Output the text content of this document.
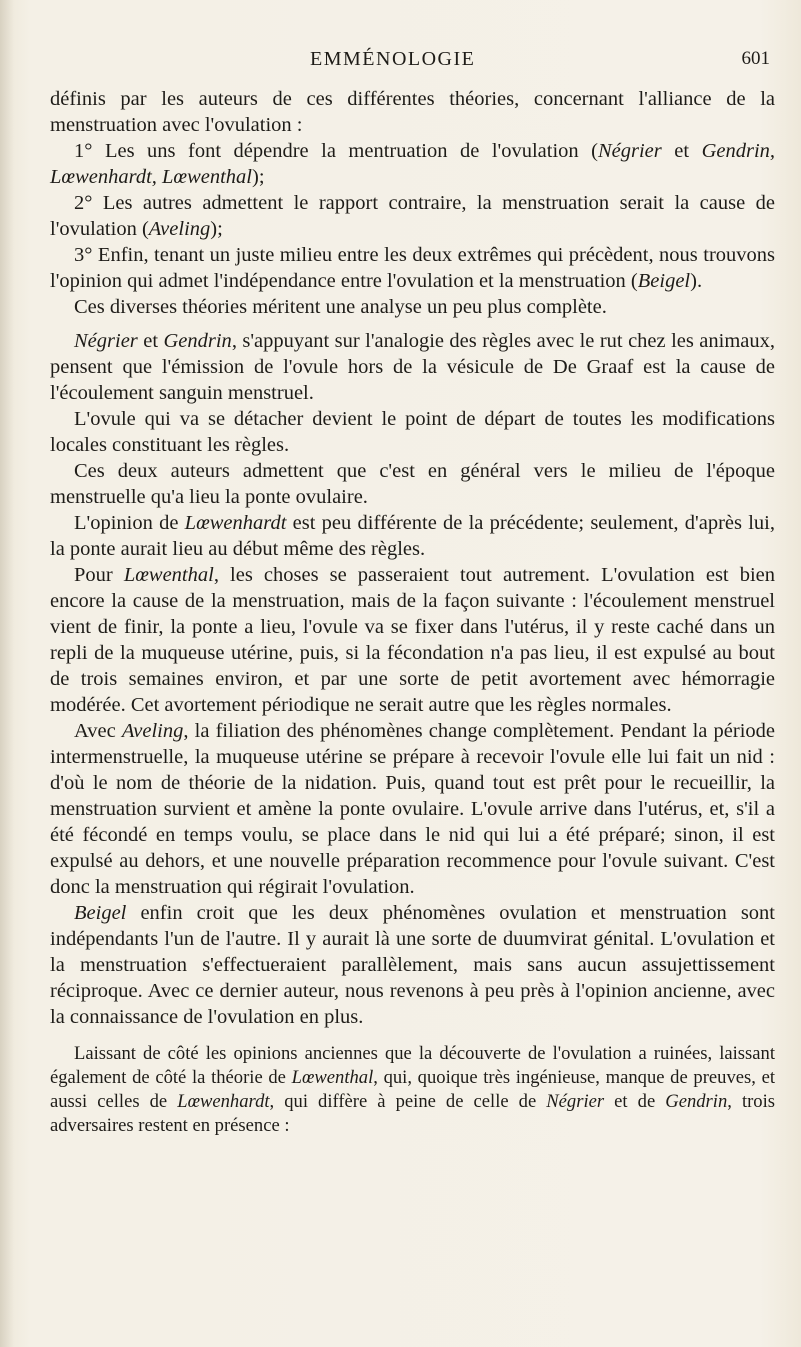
EMMÉNOLOGIE	601

définis par les auteurs de ces différentes théories, concernant l'alliance de la menstruation avec l'ovulation :

1° Les uns font dépendre la mentruation de l'ovulation (Négrier et Gendrin, Lœwenhardt, Lœwenthal);

2° Les autres admettent le rapport contraire, la menstruation serait la cause de l'ovulation (Aveling);

3° Enfin, tenant un juste milieu entre les deux extrêmes qui précèdent, nous trouvons l'opinion qui admet l'indépendance entre l'ovulation et la menstruation (Beigel).

Ces diverses théories méritent une analyse un peu plus complète.

Négrier et Gendrin, s'appuyant sur l'analogie des règles avec le rut chez les animaux, pensent que l'émission de l'ovule hors de la vésicule de De Graaf est la cause de l'écoulement sanguin menstruel.

L'ovule qui va se détacher devient le point de départ de toutes les modifications locales constituant les règles.

Ces deux auteurs admettent que c'est en général vers le milieu de l'époque menstruelle qu'a lieu la ponte ovulaire.

L'opinion de Lœwenhardt est peu différente de la précédente; seulement, d'après lui, la ponte aurait lieu au début même des règles.

Pour Lœwenthal, les choses se passeraient tout autrement. L'ovulation est bien encore la cause de la menstruation, mais de la façon suivante : l'écoulement menstruel vient de finir, la ponte a lieu, l'ovule va se fixer dans l'utérus, il y reste caché dans un repli de la muqueuse utérine, puis, si la fécondation n'a pas lieu, il est expulsé au bout de trois semaines environ, et par une sorte de petit avortement avec hémorragie modérée. Cet avortement périodique ne serait autre que les règles normales.

Avec Aveling, la filiation des phénomènes change complètement. Pendant la période intermenstruelle, la muqueuse utérine se prépare à recevoir l'ovule elle lui fait un nid : d'où le nom de théorie de la nidation. Puis, quand tout est prêt pour le recueillir, la menstruation survient et amène la ponte ovulaire. L'ovule arrive dans l'utérus, et, s'il a été fécondé en temps voulu, se place dans le nid qui lui a été préparé; sinon, il est expulsé au dehors, et une nouvelle préparation recommence pour l'ovule suivant. C'est donc la menstruation qui régirait l'ovulation.

Beigel enfin croit que les deux phénomènes ovulation et menstruation sont indépendants l'un de l'autre. Il y aurait là une sorte de duumvirat génital. L'ovulation et la menstruation s'effectueraient parallèlement, mais sans aucun assujettissement réciproque. Avec ce dernier auteur, nous revenons à peu près à l'opinion ancienne, avec la connaissance de l'ovulation en plus.

Laissant de côté les opinions anciennes que la découverte de l'ovulation a ruinées, laissant également de côté la théorie de Lœwenthal, qui, quoique très ingénieuse, manque de preuves, et aussi celles de Lœwenhardt, qui diffère à peine de celle de Négrier et de Gendrin, trois adversaires restent en présence :
